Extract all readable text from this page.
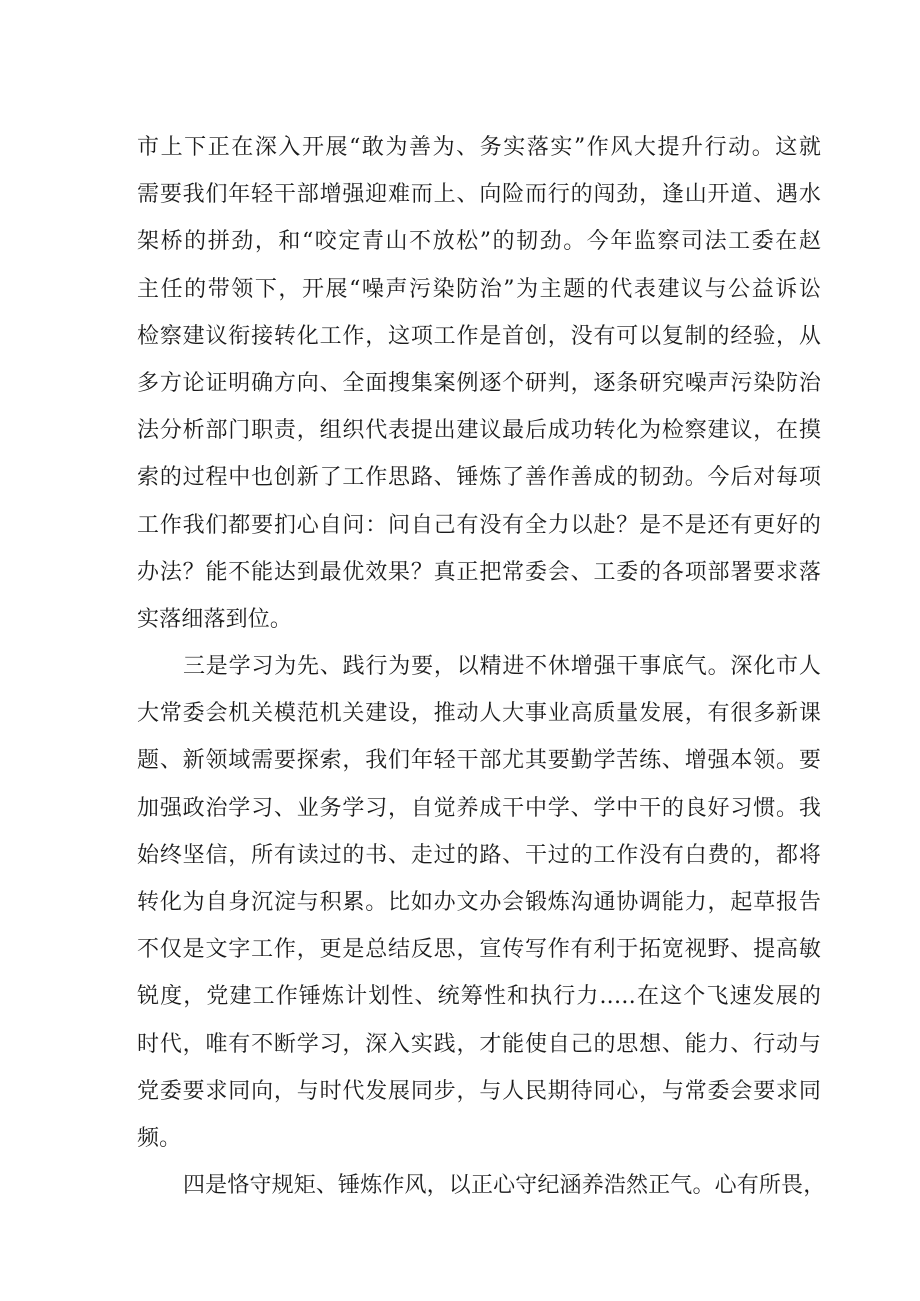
市上下正在深入开展“敢为善为、务实落实”作风大提升行动。这就
需要我们年轻干部增强迎难而上、向险而行的闯劲，逢山开道、遇水
架桥的拼劲，和“咬定青山不放松”的韧劲。今年监察司法工委在赵
主任的带领下，开展“噪声污染防治”为主题的代表建议与公益诉讼
检察建议衔接转化工作，这项工作是首创，没有可以复制的经验，从
多方论证明确方向、全面搜集案例逐个研判，逐条研究噪声污染防治
法分析部门职责，组织代表提出建议最后成功转化为检察建议，在摸
索的过程中也创新了工作思路、锤炼了善作善成的韧劲。今后对每项
工作我们都要扪心自问：问自己有没有全力以赴？是不是还有更好的
办法？能不能达到最优效果？真正把常委会、工委的各项部署要求落
实落细落到位。
三是学习为先、践行为要，以精进不休增强干事底气。深化市人
大常委会机关模范机关建设，推动人大事业高质量发展，有很多新课
题、新领域需要探索，我们年轻干部尤其要勤学苦练、增强本领。要
加强政治学习、业务学习，自觉养成干中学、学中干的良好习惯。我
始终坚信，所有读过的书、走过的路、干过的工作没有白费的，都将
转化为自身沉淀与积累。比如办文办会锻炼沟通协调能力，起草报告
不仅是文字工作，更是总结反思，宣传写作有利于拓宽视野、提高敏
锐度，党建工作锤炼计划性、统筹性和执行力..…在这个飞速发展的
时代，唯有不断学习，深入实践，才能使自己的思想、能力、行动与
党委要求同向，与时代发展同步，与人民期待同心，与常委会要求同
频。
四是恪守规矩、锤炼作风，以正心守纪涵养浩然正气。心有所畏，
